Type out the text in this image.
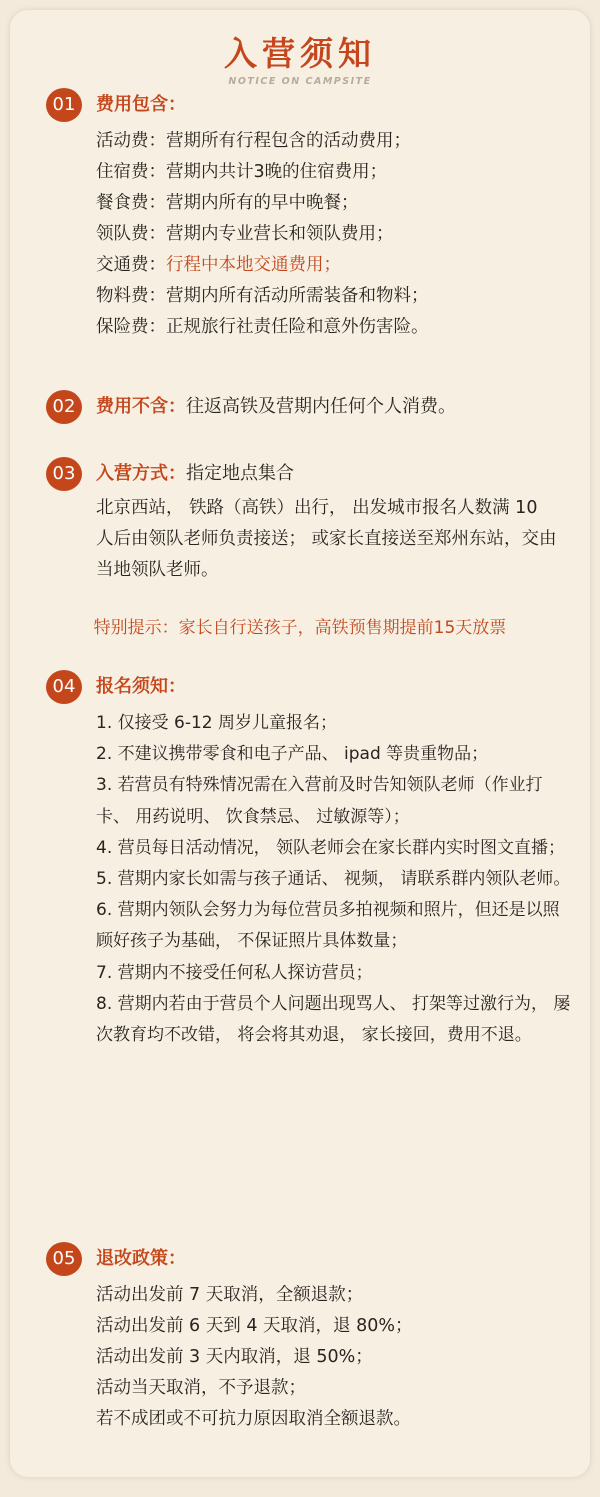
入营须知
NOTICE ON CAMPSITE
01	费用包含：
活动费：营期所有行程包含的活动费用；
住宿费：营期内共计3晚的住宿费用；
餐食费：营期内所有的早中晚餐；
领队费：营期内专业营长和领队费用；
交通费：行程中本地交通费用；
物料费：营期内所有活动所需装备和物料；
保险费：正规旅行社责任险和意外伤害险。
02	费用不含：往返高铁及营期内任何个人消费。
03	入营方式：指定地点集合
北京西站， 铁路（高铁）出行， 出发城市报名人数满 10 人后由领队老师负责接送； 或家长直接送至郑州东站，交由当地领队老师。
特别提示：家长自行送孩子，高铁预售期提前15天放票
04	报名须知：
1. 仅接受 6-12 周岁儿童报名；
2. 不建议携带零食和电子产品、 ipad 等贵重物品；
3. 若营员有特殊情况需在入营前及时告知领队老师（作业打卡、 用药说明、 饮食禁忌、 过敏源等）；
4. 营员每日活动情况， 领队老师会在家长群内实时图文直播；
5. 营期内家长如需与孩子通话、 视频， 请联系群内领队老师。
6. 营期内领队会努力为每位营员多拍视频和照片，但还是以照顾好孩子为基础， 不保证照片具体数量；
7. 营期内不接受任何私人探访营员；
8. 营期内若由于营员个人问题出现骂人、 打架等过激行为， 屡次教育均不改错， 将会将其劝退， 家长接回，费用不退。
05	退改政策：
活动出发前 7 天取消，全额退款；
活动出发前 6 天到 4 天取消，退 80%；
活动出发前 3 天内取消，退 50%；
活动当天取消，不予退款；
若不成团或不可抗力原因取消全额退款。
